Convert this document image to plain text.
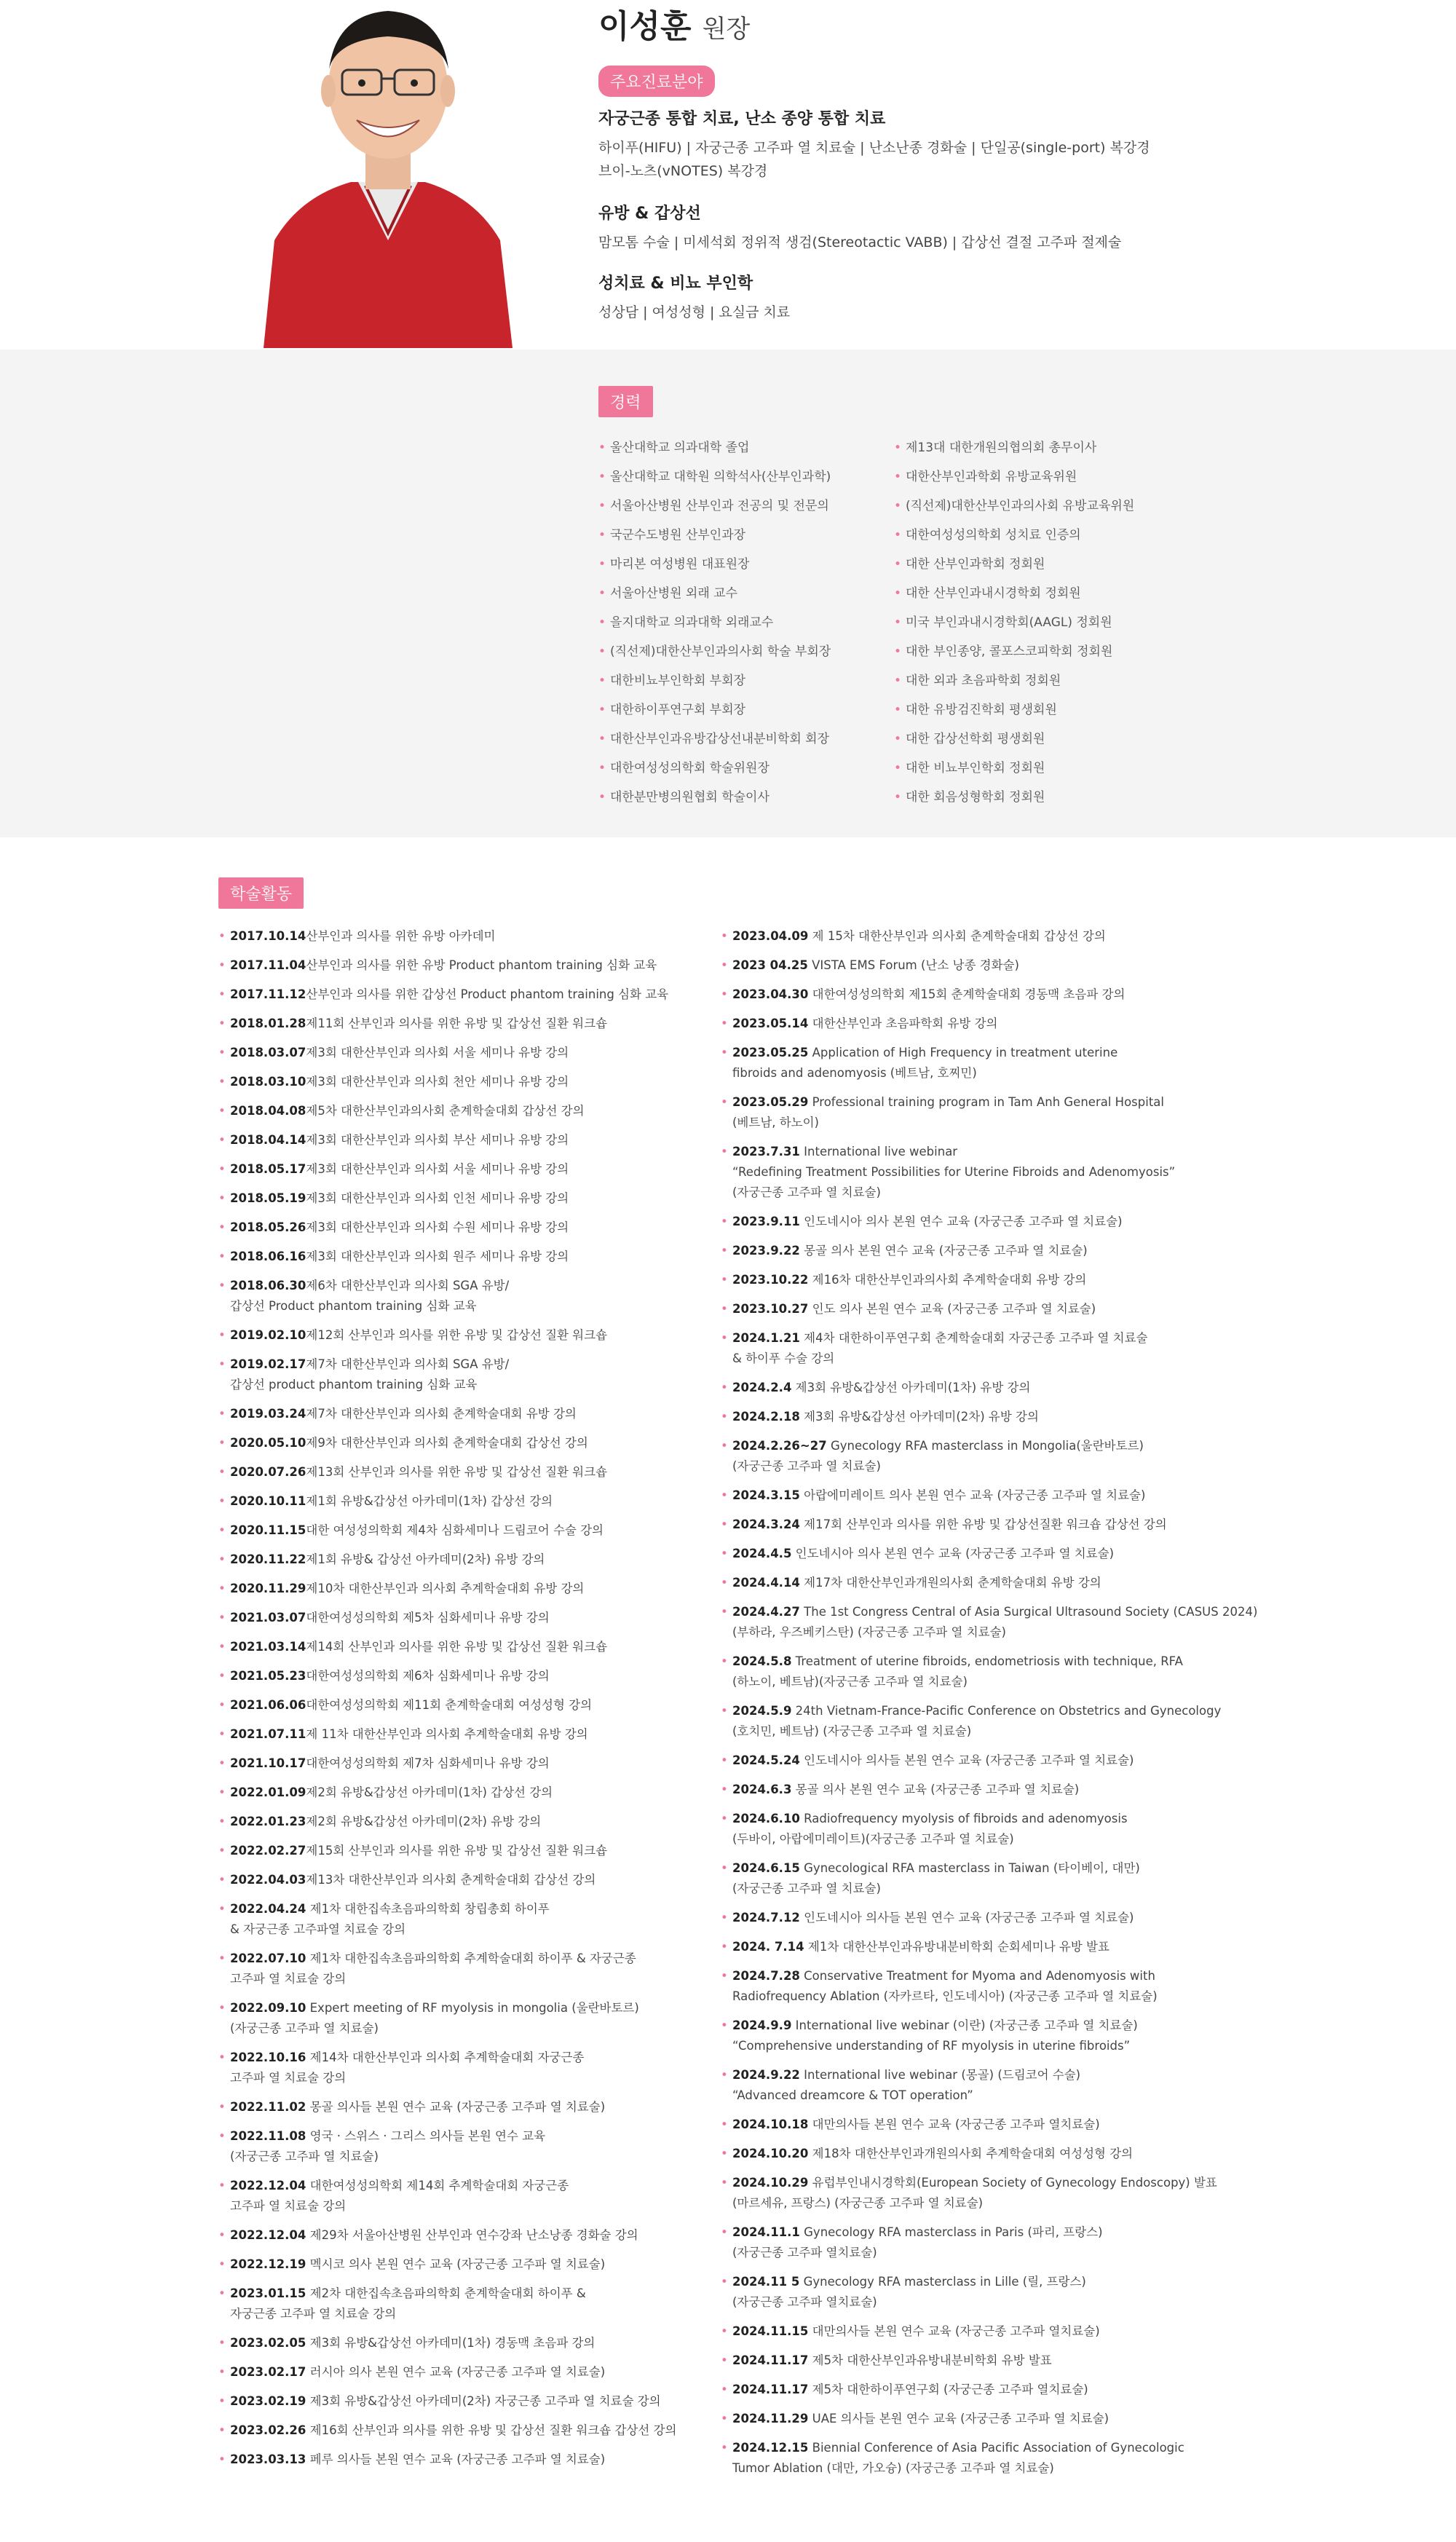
이성훈 원장
주요진료분야
자궁근종 통합 치료, 난소 종양 통합 치료

하이푸(HIFU) | 자궁근종 고주파 열 치료술 | 난소난종 경화술 | 단일공(single-port) 복강경
브이-노츠(vNOTES) 복강경

유방 & 갑상선

맘모톰 수술 | 미세석회 정위적 생검(Stereotactic VABB) | 갑상선 결절 고주파 절제술

성치료 & 비뇨 부인학

성상담 | 여성성형 | 요실금 치료

경력
• 울산대학교 의과대학 졸업
• 울산대학교 대학원 의학석사(산부인과학)
• 서울아산병원 산부인과 전공의 및 전문의
• 국군수도병원 산부인과장
• 마리본 여성병원 대표원장
• 서울아산병원 외래 교수
• 을지대학교 의과대학 외래교수
• (직선제)대한산부인과의사회 학술 부회장
• 대한비뇨부인학회 부회장
• 대한하이푸연구회 부회장
• 대한산부인과유방갑상선내분비학회 회장
• 대한여성성의학회 학술위원장
• 대한분만병의원협회 학술이사
• 제13대 대한개원의협의회 총무이사
• 대한산부인과학회 유방교육위원
• (직선제)대한산부인과의사회 유방교육위원
• 대한여성성의학회 성치료 인증의
• 대한 산부인과학회 정회원
• 대한 산부인과내시경학회 정회원
• 미국 부인과내시경학회(AAGL) 정회원
• 대한 부인종양, 콜포스코피학회 정회원
• 대한 외과 초음파학회 정회원
• 대한 유방검진학회 평생회원
• 대한 갑상선학회 평생회원
• 대한 비뇨부인학회 정회원
• 대한 회음성형학회 정회원
학술활동
• 2017.10.14산부인과 의사를 위한 유방 아카데미
• 2017.11.04산부인과 의사를 위한 유방 Product phantom training 심화 교육
• 2017.11.12산부인과 의사를 위한 갑상선 Product phantom training 심화 교육
• 2018.01.28제11회 산부인과 의사를 위한 유방 및 갑상선 질환 워크숍
• 2018.03.07제3회 대한산부인과 의사회 서울 세미나 유방 강의
• 2018.03.10제3회 대한산부인과 의사회 천안 세미나 유방 강의
• 2018.04.08제5차 대한산부인과의사회 춘계학술대회 갑상선 강의
• 2018.04.14제3회 대한산부인과 의사회 부산 세미나 유방 강의
• 2018.05.17제3회 대한산부인과 의사회 서울 세미나 유방 강의
• 2018.05.19제3회 대한산부인과 의사회 인천 세미나 유방 강의
• 2018.05.26제3회 대한산부인과 의사회 수원 세미나 유방 강의
• 2018.06.16제3회 대한산부인과 의사회 원주 세미나 유방 강의
• 2018.06.30제6차 대한산부인과 의사회 SGA 유방/
갑상선 Product phantom training 심화 교육
• 2019.02.10제12회 산부인과 의사를 위한 유방 및 갑상선 질환 워크숍
• 2019.02.17제7차 대한산부인과 의사회 SGA 유방/
갑상선 product phantom training 심화 교육
• 2019.03.24제7차 대한산부인과 의사회 춘계학술대회 유방 강의
• 2020.05.10제9차 대한산부인과 의사회 춘계학술대회 갑상선 강의
• 2020.07.26제13회 산부인과 의사를 위한 유방 및 갑상선 질환 워크숍
• 2020.10.11제1회 유방&갑상선 아카데미(1차) 갑상선 강의
• 2020.11.15대한 여성성의학회 제4차 심화세미나 드림코어 수술 강의
• 2020.11.22제1회 유방& 갑상선 아카데미(2차) 유방 강의
• 2020.11.29제10차 대한산부인과 의사회 추계학술대회 유방 강의
• 2021.03.07대한여성성의학회 제5차 심화세미나 유방 강의
• 2021.03.14제14회 산부인과 의사를 위한 유방 및 갑상선 질환 워크숍
• 2021.05.23대한여성성의학회 제6차 심화세미나 유방 강의
• 2021.06.06대한여성성의학회 제11회 춘계학술대회 여성성형 강의
• 2021.07.11제 11차 대한산부인과 의사회 추계학술대회 유방 강의
• 2021.10.17대한여성성의학회 제7차 심화세미나 유방 강의
• 2022.01.09제2회 유방&갑상선 아카데미(1차) 갑상선 강의
• 2022.01.23제2회 유방&갑상선 아카데미(2차) 유방 강의
• 2022.02.27제15회 산부인과 의사를 위한 유방 및 갑상선 질환 워크숍
• 2022.04.03제13차 대한산부인과 의사회 춘계학술대회 갑상선 강의
• 2022.04.24 제1차 대한집속초음파의학회 창립총회 하이푸
& 자궁근종 고주파열 치료술 강의
• 2022.07.10 제1차 대한집속초음파의학회 추계학술대회 하이푸 & 자궁근종
고주파 열 치료술 강의
• 2022.09.10 Expert meeting of RF myolysis in mongolia (울란바토르)
(자궁근종 고주파 열 치료술)
• 2022.10.16 제14차 대한산부인과 의사회 추계학술대회 자궁근종
고주파 열 치료술 강의
• 2022.11.02 몽골 의사들 본원 연수 교육 (자궁근종 고주파 열 치료술)
• 2022.11.08 영국 · 스위스 · 그리스 의사들 본원 연수 교육
(자궁근종 고주파 열 치료술)
• 2022.12.04 대한여성성의학회 제14회 추계학술대회 자궁근종
고주파 열 치료술 강의
• 2022.12.04 제29차 서울아산병원 산부인과 연수강좌 난소낭종 경화술 강의
• 2022.12.19 멕시코 의사 본원 연수 교육 (자궁근종 고주파 열 치료술)
• 2023.01.15 제2차 대한집속초음파의학회 춘계학술대회 하이푸 &
자궁근종 고주파 열 치료술 강의
• 2023.02.05 제3회 유방&갑상선 아카데미(1차) 경동맥 초음파 강의
• 2023.02.17 러시아 의사 본원 연수 교육 (자궁근종 고주파 열 치료술)
• 2023.02.19 제3회 유방&갑상선 아카데미(2차) 자궁근종 고주파 열 치료술 강의
• 2023.02.26 제16회 산부인과 의사를 위한 유방 및 갑상선 질환 워크숍 갑상선 강의
• 2023.03.13 페루 의사들 본원 연수 교육 (자궁근종 고주파 열 치료술)
• 2023.04.09 제 15차 대한산부인과 의사회 춘계학술대회 갑상선 강의
• 2023 04.25 VISTA EMS Forum (난소 낭종 경화술)
• 2023.04.30 대한여성성의학회 제15회 춘계학술대회 경동맥 초음파 강의
• 2023.05.14 대한산부인과 초음파학회 유방 강의
• 2023.05.25 Application of High Frequency in treatment uterine
fibroids and adenomyosis (베트남, 호찌민)
• 2023.05.29 Professional training program in Tam Anh General Hospital
(베트남, 하노이)
• 2023.7.31 International live webinar
“Redefining Treatment Possibilities for Uterine Fibroids and Adenomyosis”
(자궁근종 고주파 열 치료술)
• 2023.9.11 인도네시아 의사 본원 연수 교육 (자궁근종 고주파 열 치료술)
• 2023.9.22 몽골 의사 본원 연수 교육 (자궁근종 고주파 열 치료술)
• 2023.10.22 제16차 대한산부인과의사회 추계학술대회 유방 강의
• 2023.10.27 인도 의사 본원 연수 교육 (자궁근종 고주파 열 치료술)
• 2024.1.21 제4차 대한하이푸연구회 춘계학술대회 자궁근종 고주파 열 치료술
& 하이푸 수술 강의
• 2024.2.4 제3회 유방&갑상선 아카데미(1차) 유방 강의
• 2024.2.18 제3회 유방&갑상선 아카데미(2차) 유방 강의
• 2024.2.26~27 Gynecology RFA masterclass in Mongolia(울란바토르)
(자궁근종 고주파 열 치료술)
• 2024.3.15 아랍에미레이트 의사 본원 연수 교육 (자궁근종 고주파 열 치료술)
• 2024.3.24 제17회 산부인과 의사를 위한 유방 및 갑상선질환 워크숍 갑상선 강의
• 2024.4.5 인도네시아 의사 본원 연수 교육 (자궁근종 고주파 열 치료술)
• 2024.4.14 제17차 대한산부인과개원의사회 춘계학술대회 유방 강의
• 2024.4.27 The 1st Congress Central of Asia Surgical Ultrasound Society (CASUS 2024)
(부하라, 우즈베키스탄) (자궁근종 고주파 열 치료술)
• 2024.5.8 Treatment of uterine fibroids, endometriosis with technique, RFA
(하노이, 베트남)(자궁근종 고주파 열 치료술)
• 2024.5.9 24th Vietnam-France-Pacific Conference on Obstetrics and Gynecology
(호치민, 베트남) (자궁근종 고주파 열 치료술)
• 2024.5.24 인도네시아 의사들 본원 연수 교육 (자궁근종 고주파 열 치료술)
• 2024.6.3 몽골 의사 본원 연수 교육 (자궁근종 고주파 열 치료술)
• 2024.6.10 Radiofrequency myolysis of fibroids and adenomyosis
(두바이, 아랍에미레이트)(자궁근종 고주파 열 치료술)
• 2024.6.15 Gynecological RFA masterclass in Taiwan (타이베이, 대만)
(자궁근종 고주파 열 치료술)
• 2024.7.12 인도네시아 의사들 본원 연수 교육 (자궁근종 고주파 열 치료술)
• 2024. 7.14 제1차 대한산부인과유방내분비학회 순회세미나 유방 발표
• 2024.7.28 Conservative Treatment for Myoma and Adenomyosis with
Radiofrequency Ablation (자카르타, 인도네시아) (자궁근종 고주파 열 치료술)
• 2024.9.9 International live webinar (이란) (자궁근종 고주파 열 치료술)
“Comprehensive understanding of RF myolysis in uterine fibroids”
• 2024.9.22 International live webinar (몽골) (드림코어 수술)
“Advanced dreamcore & TOT operation”
• 2024.10.18 대만의사들 본원 연수 교육 (자궁근종 고주파 열치료술)
• 2024.10.20 제18차 대한산부인과개원의사회 추계학술대회 여성성형 강의
• 2024.10.29 유럽부인내시경학회(European Society of Gynecology Endoscopy) 발표
(마르세유, 프랑스) (자궁근종 고주파 열 치료술)
• 2024.11.1 Gynecology RFA masterclass in Paris (파리, 프랑스)
(자궁근종 고주파 열치료술)
• 2024.11 5 Gynecology RFA masterclass in Lille (릴, 프랑스)
(자궁근종 고주파 열치료술)
• 2024.11.15 대만의사들 본원 연수 교육 (자궁근종 고주파 열치료술)
• 2024.11.17 제5차 대한산부인과유방내분비학회 유방 발표
• 2024.11.17 제5차 대한하이푸연구회 (자궁근종 고주파 열치료술)
• 2024.11.29 UAE 의사들 본원 연수 교육 (자궁근종 고주파 열 치료술)
• 2024.12.15 Biennial Conference of Asia Pacific Association of Gynecologic
Tumor Ablation (대만, 가오슝) (자궁근종 고주파 열 치료술)
